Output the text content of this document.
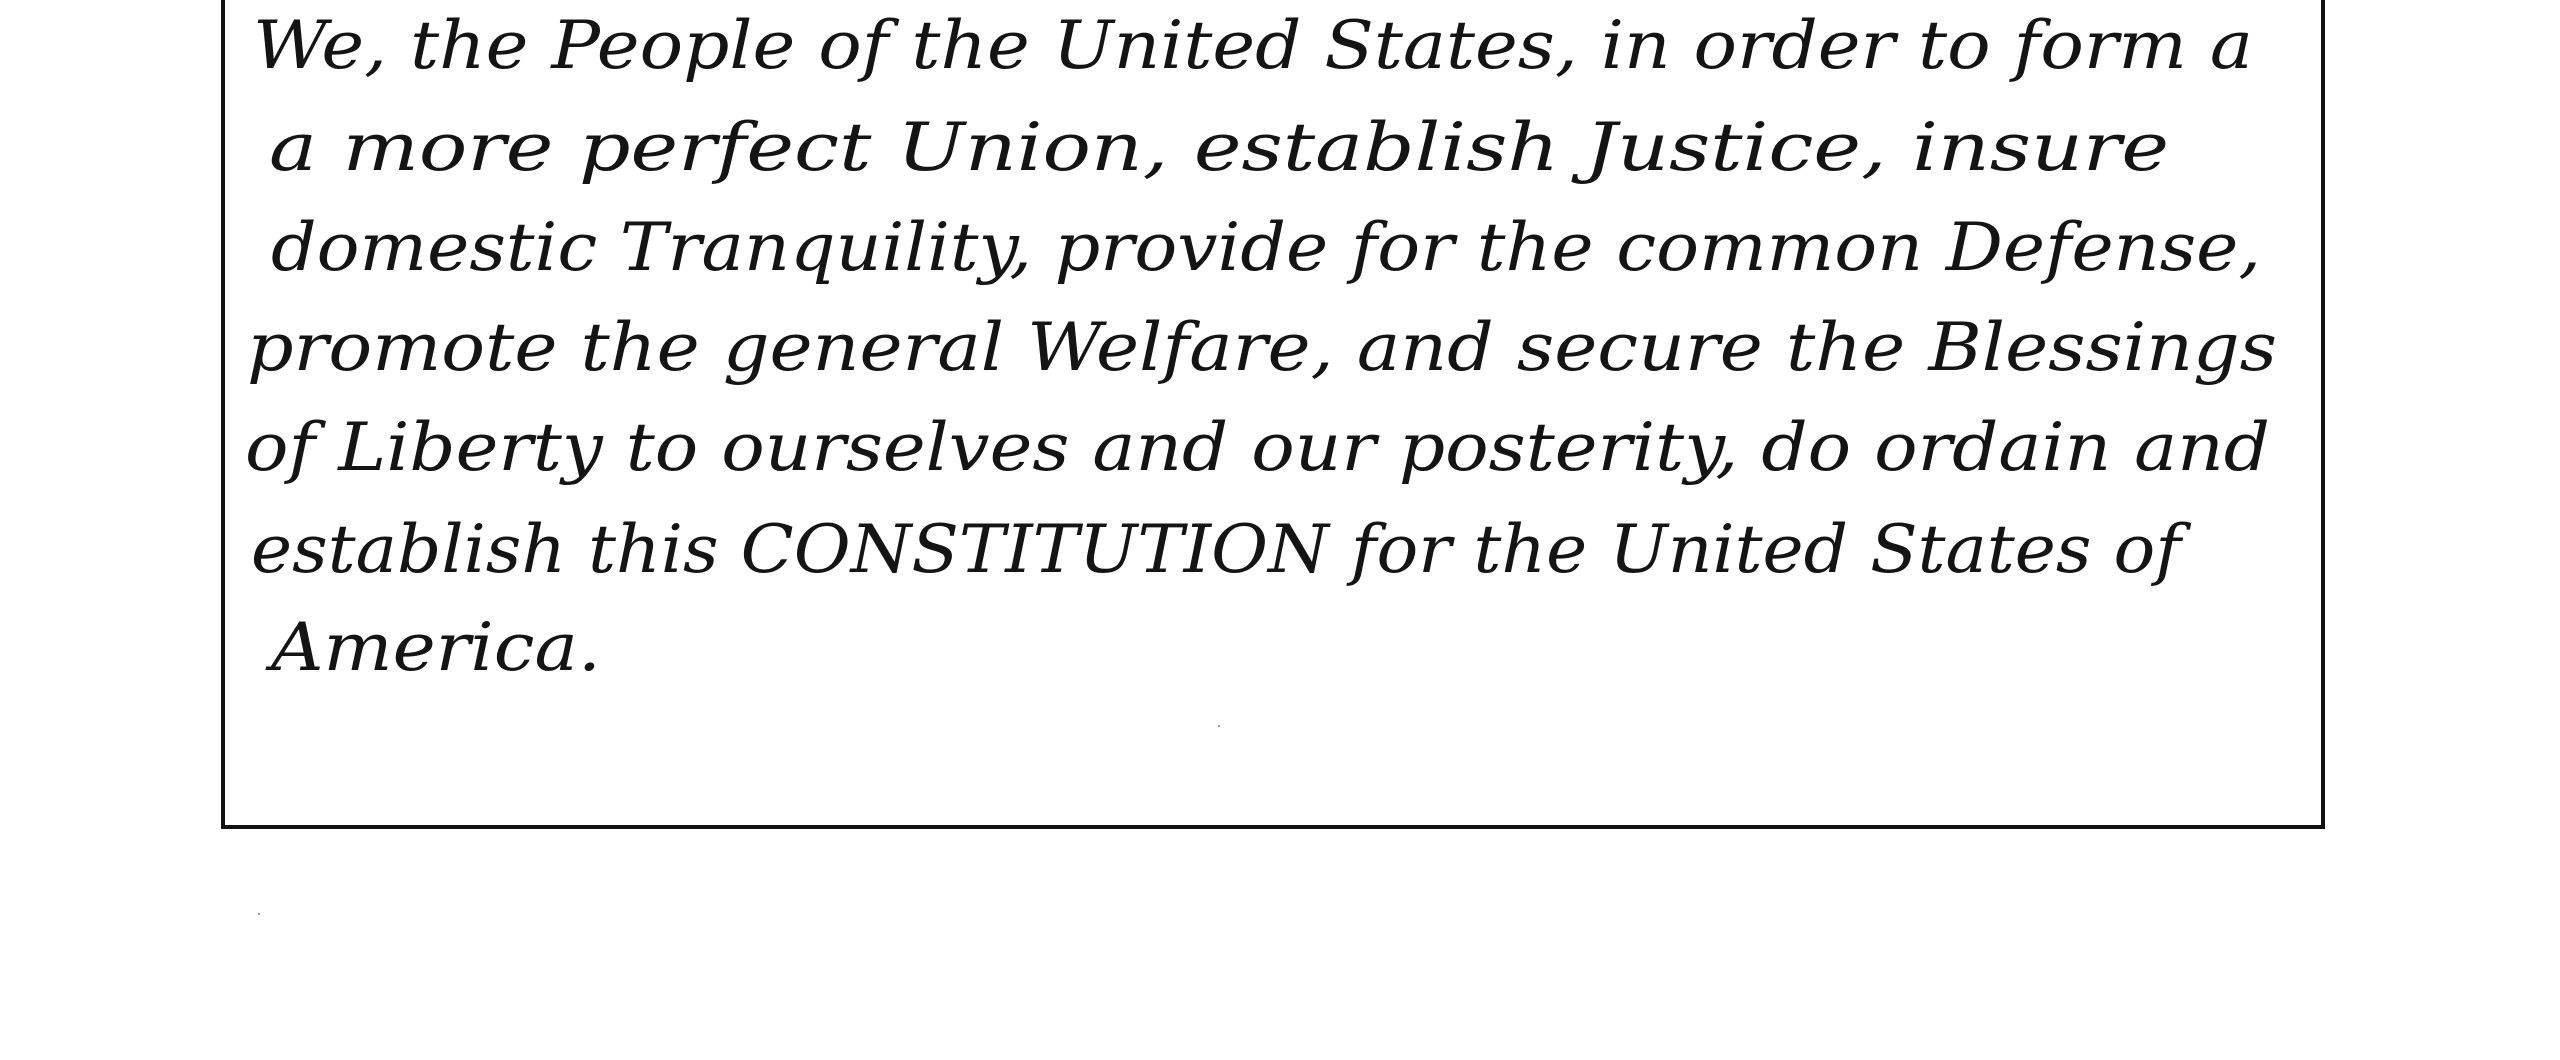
We, the People of the United States, in order to form a
a more perfect Union, establish Justice, insure
domestic Tranquility, provide for the common Defense,
promote the general Welfare, and secure the Blessings
of Liberty to ourselves and our posterity, do ordain and
establish this CONSTITUTION for the United States of
America.
